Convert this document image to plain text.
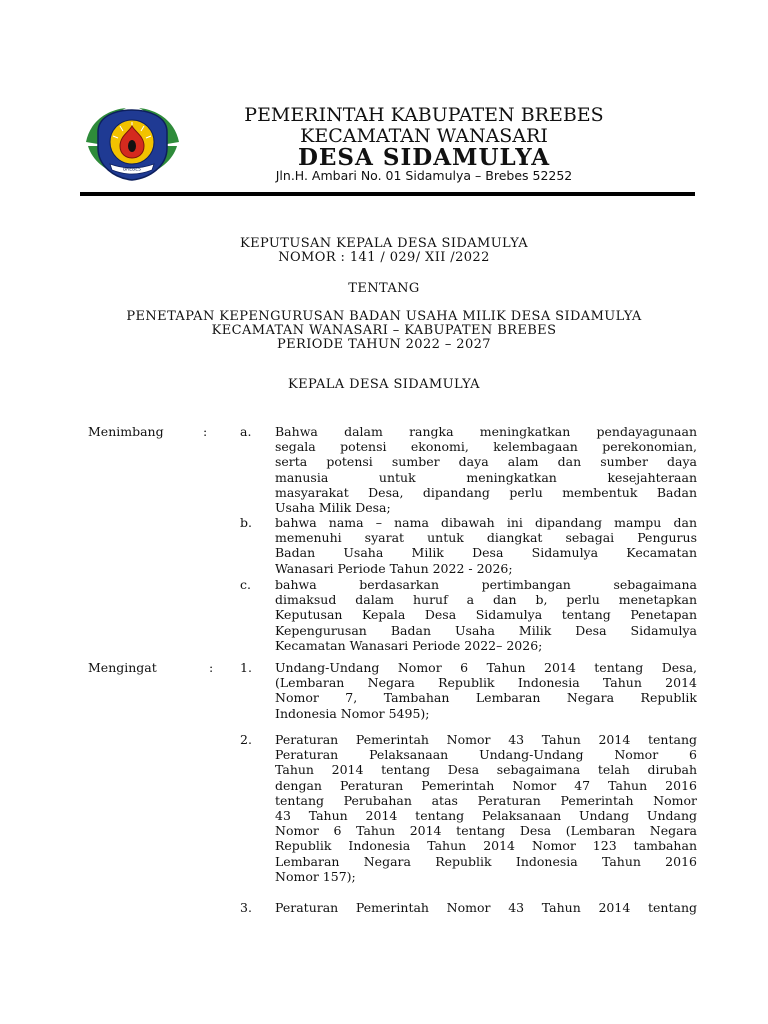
BREBES
PEMERINTAH KABUPATEN BREBES
KECAMATAN WANASARI
DESA SIDAMULYA
Jln.H. Ambari No. 01 Sidamulya – Brebes 52252
KEPUTUSAN KEPALA DESA SIDAMULYA
NOMOR : 141 / 029/ XII /2022
TENTANG
PENETAPAN KEPENGURUSAN BADAN USAHA MILIK DESA SIDAMULYA
KECAMATAN WANASARI – KABUPATEN BREBES
PERIODE TAHUN 2022 – 2027
KEPALA DESA SIDAMULYA
Menimbang	:	a. Bahwa dalam rangka meningkatkan pendayagunaan
segala potensi ekonomi, kelembagaan perekonomian,
serta potensi sumber daya alam dan sumber daya
manusia untuk meningkatkan kesejahteraan
masyarakat Desa, dipandang perlu membentuk Badan
Usaha Milik Desa;
b. bahwa nama – nama dibawah ini dipandang mampu dan
memenuhi syarat untuk diangkat sebagai Pengurus
Badan Usaha Milik Desa Sidamulya Kecamatan
Wanasari Periode Tahun 2022 - 2026;
c. bahwa berdasarkan pertimbangan sebagaimana
dimaksud dalam huruf a dan b, perlu menetapkan
Keputusan Kepala Desa Sidamulya tentang Penetapan
Kepengurusan Badan Usaha Milik Desa Sidamulya
Kecamatan Wanasari Periode 2022– 2026;
Mengingat	: 1. Undang-Undang Nomor 6 Tahun 2014 tentang Desa,
(Lembaran Negara Republik Indonesia Tahun 2014
Nomor 7, Tambahan Lembaran Negara Republik
Indonesia Nomor 5495);
2. Peraturan Pemerintah Nomor 43 Tahun 2014 tentang
Peraturan Pelaksanaan Undang-Undang Nomor 6
Tahun 2014 tentang Desa sebagaimana telah dirubah
dengan Peraturan Pemerintah Nomor 47 Tahun 2016
tentang Perubahan atas Peraturan Pemerintah Nomor
43 Tahun 2014 tentang Pelaksanaan Undang Undang
Nomor 6 Tahun 2014 tentang Desa (Lembaran Negara
Republik Indonesia Tahun 2014 Nomor 123 tambahan
Lembaran Negara Republik Indonesia Tahun 2016
Nomor 157);
3. Peraturan Pemerintah Nomor 43 Tahun 2014 tentang
